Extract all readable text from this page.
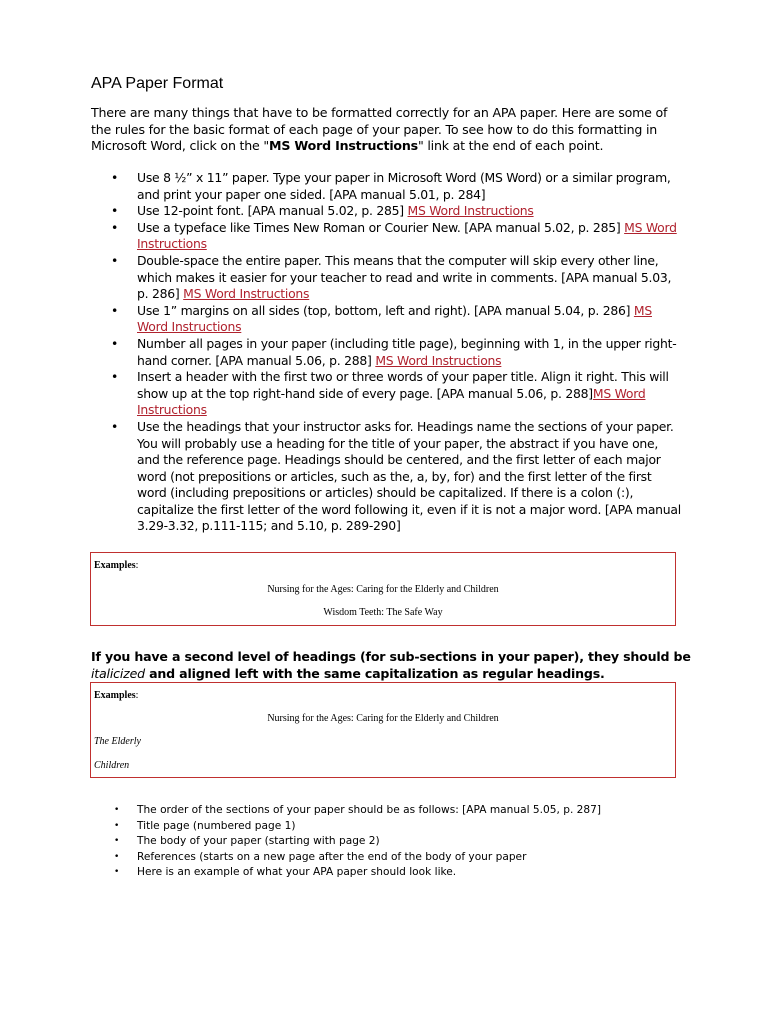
APA Paper Format

There are many things that have to be formatted correctly for an APA paper. Here are some of the rules for the basic format of each page of your paper. To see how to do this formatting in Microsoft Word, click on the "MS Word Instructions" link at the end of each point.

• Use 8 ½” x 11” paper. Type your paper in Microsoft Word (MS Word) or a similar program, and print your paper one sided. [APA manual 5.01, p. 284]
• Use 12-point font. [APA manual 5.02, p. 285] MS Word Instructions
• Use a typeface like Times New Roman or Courier New. [APA manual 5.02, p. 285] MS Word Instructions
• Double-space the entire paper. This means that the computer will skip every other line, which makes it easier for your teacher to read and write in comments. [APA manual 5.03, p. 286] MS Word Instructions
• Use 1” margins on all sides (top, bottom, left and right). [APA manual 5.04, p. 286] MS Word Instructions
• Number all pages in your paper (including title page), beginning with 1, in the upper right-hand corner. [APA manual 5.06, p. 288] MS Word Instructions
• Insert a header with the first two or three words of your paper title. Align it right. This will show up at the top right-hand side of every page. [APA manual 5.06, p. 288]MS Word Instructions
• Use the headings that your instructor asks for. Headings name the sections of your paper. You will probably use a heading for the title of your paper, the abstract if you have one, and the reference page. Headings should be centered, and the first letter of each major word (not prepositions or articles, such as the, a, by, for) and the first letter of the first word (including prepositions or articles) should be capitalized. If there is a colon (:), capitalize the first letter of the word following it, even if it is not a major word. [APA manual 3.29-3.32, p.111-115; and 5.10, p. 289-290]
Examples:
Nursing for the Ages: Caring for the Elderly and Children
Wisdom Teeth: The Safe Way

If you have a second level of headings (for sub-sections in your paper), they should be italicized and aligned left with the same capitalization as regular headings.

Examples:
Nursing for the Ages: Caring for the Elderly and Children
The Elderly
Children
• The order of the sections of your paper should be as follows: [APA manual 5.05, p. 287]
• Title page (numbered page 1)
• The body of your paper (starting with page 2)
• References (starts on a new page after the end of the body of your paper
• Here is an example of what your APA paper should look like.
